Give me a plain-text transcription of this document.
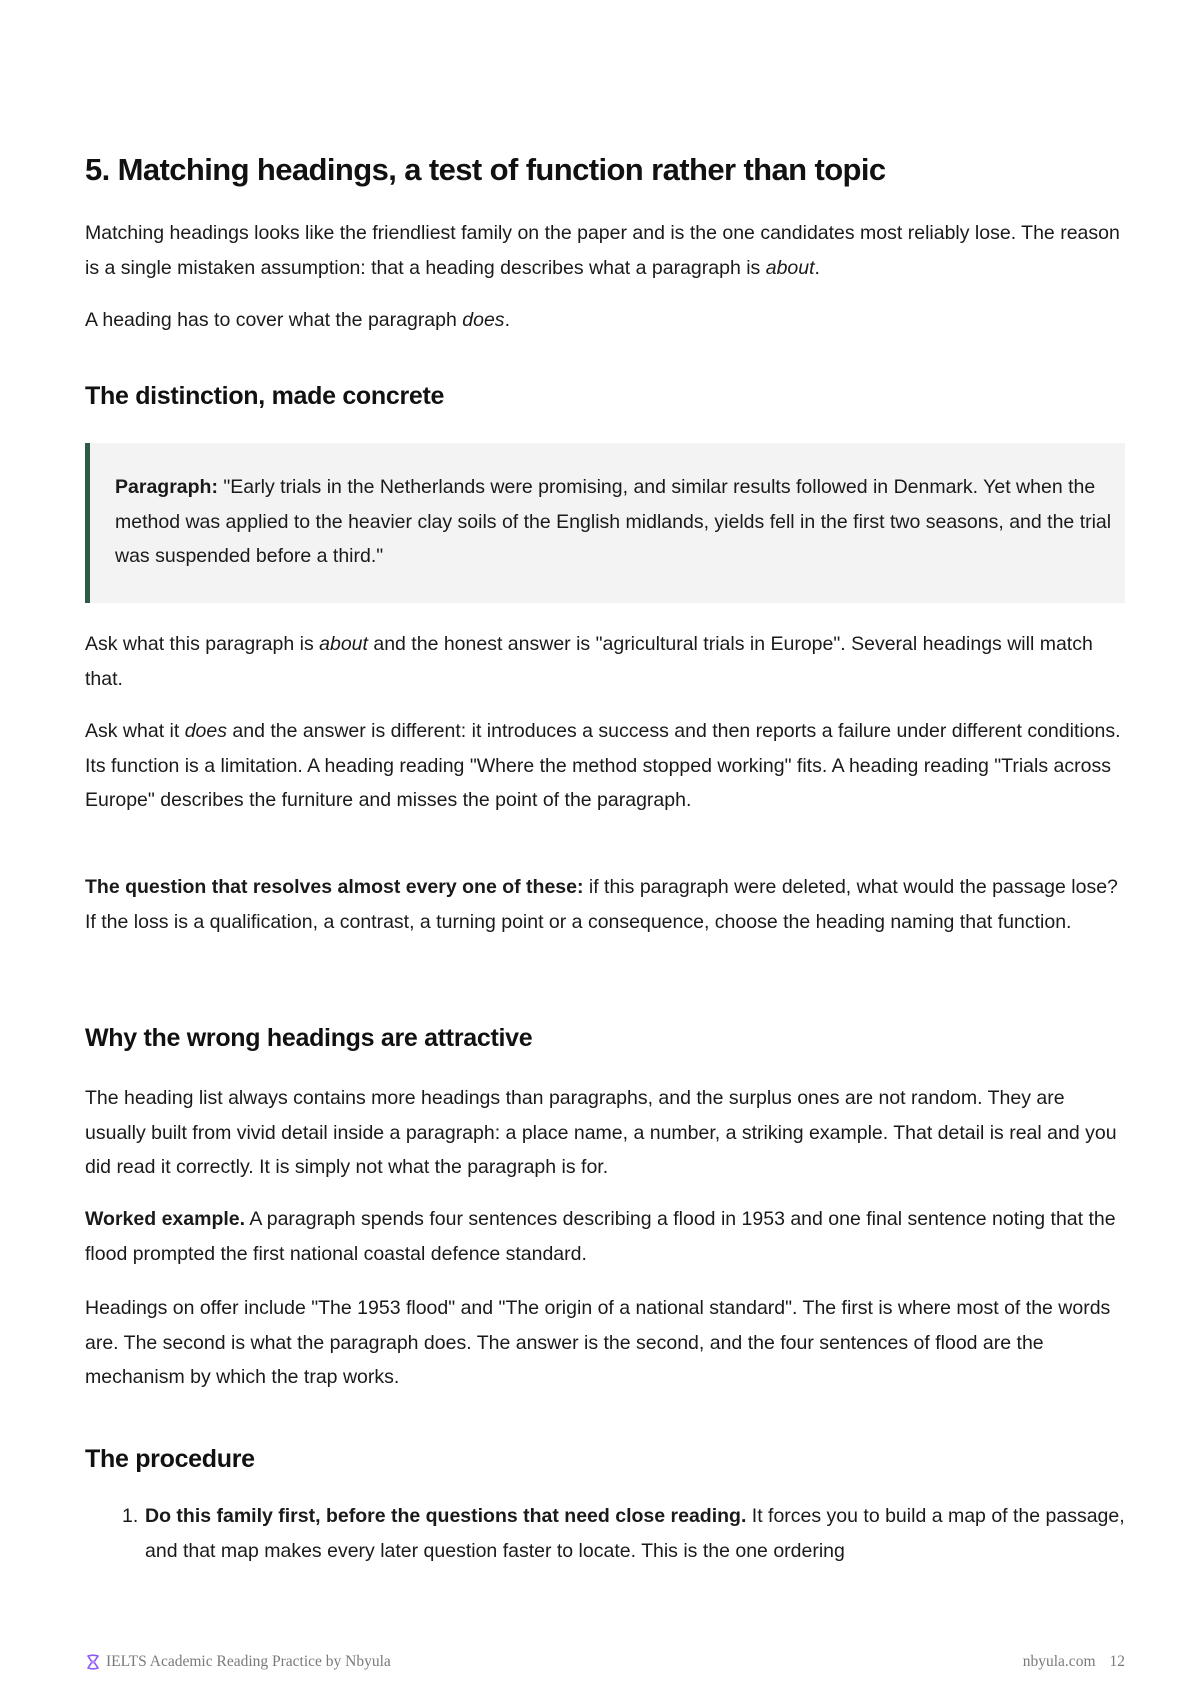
5. Matching headings, a test of function rather than topic

Matching headings looks like the friendliest family on the paper and is the one candidates most reliably lose. The reason is a single mistaken assumption: that a heading describes what a paragraph is about.

A heading has to cover what the paragraph does.

The distinction, made concrete

Paragraph: "Early trials in the Netherlands were promising, and similar results followed in Denmark. Yet when the method was applied to the heavier clay soils of the English midlands, yields fell in the first two seasons, and the trial was suspended before a third."

Ask what this paragraph is about and the honest answer is "agricultural trials in Europe". Several headings will match that.

Ask what it does and the answer is different: it introduces a success and then reports a failure under different conditions. Its function is a limitation. A heading reading "Where the method stopped working" fits. A heading reading "Trials across Europe" describes the furniture and misses the point of the paragraph.

The question that resolves almost every one of these: if this paragraph were deleted, what would the passage lose? If the loss is a qualification, a contrast, a turning point or a consequence, choose the heading naming that function.

Why the wrong headings are attractive

The heading list always contains more headings than paragraphs, and the surplus ones are not random. They are usually built from vivid detail inside a paragraph: a place name, a number, a striking example. That detail is real and you did read it correctly. It is simply not what the paragraph is for.

Worked example. A paragraph spends four sentences describing a flood in 1953 and one final sentence noting that the flood prompted the first national coastal defence standard.

Headings on offer include "The 1953 flood" and "The origin of a national standard". The first is where most of the words are. The second is what the paragraph does. The answer is the second, and the four sentences of flood are the mechanism by which the trap works.

The procedure
1. Do this family first, before the questions that need close reading. It forces you to build a map of the passage, and that map makes every later question faster to locate. This is the one ordering
IELTS Academic Reading Practice by Nbyula	nbyula.com 12
